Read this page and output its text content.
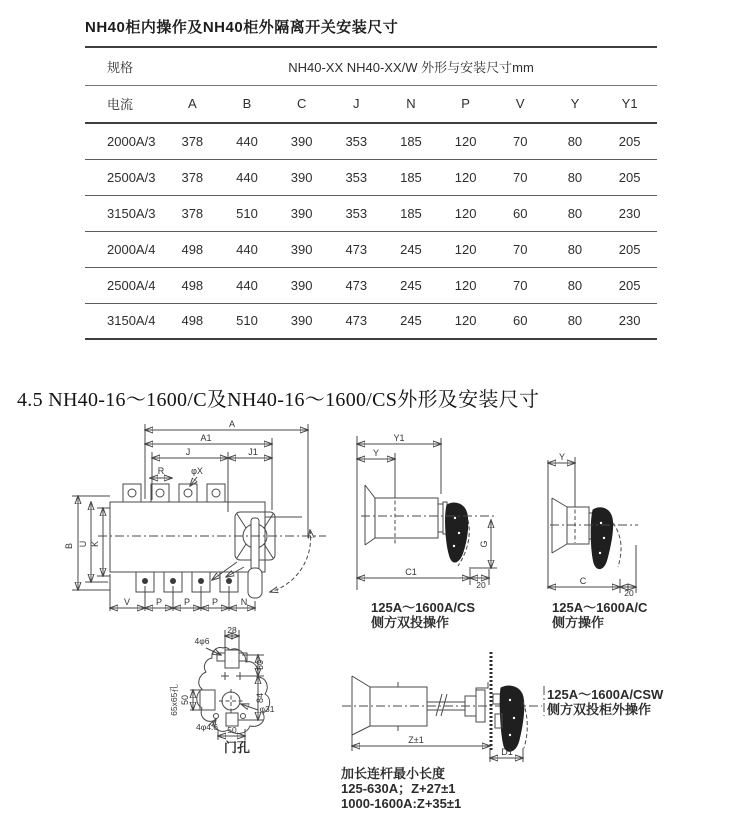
NH40柜内操作及NH40柜外隔离开关安装尺寸
规格	NH40-XX NH40-XX/W 外形与安装尺寸mm								
电流	A	B	C	J	N	P	V	Y	Y1
2000A/3	378	440	390	353	185	120	70	80	205
2500A/3	378	440	390	353	185	120	70	80	205
3150A/3	378	510	390	353	185	120	60	80	230
2000A/4	498	440	390	473	245	120	70	80	205
2500A/4	498	440	390	473	245	120	70	80	205
3150A/4	498	510	390	473	245	120	60	80	230
4.5 NH40-16～1600/C及NH40-16～1600/CS外形及安装尺寸
A
A1
J	J1
R	φX
V	P P P	N
B U K
Y1
Y
G
C1
20
Y
C
20
28
4φ6
50
84
50
65x65孔	φ31
4φ4.6 50
门孔	Z±1
D1
125A～1600A/CS
侧方双投操作
125A～1600A/C
侧方操作
125A～1600A/CSW
侧方双投柜外操作
加长连杆最小长度
125-630A；Z+27±1
1000-1600A:Z+35±1
